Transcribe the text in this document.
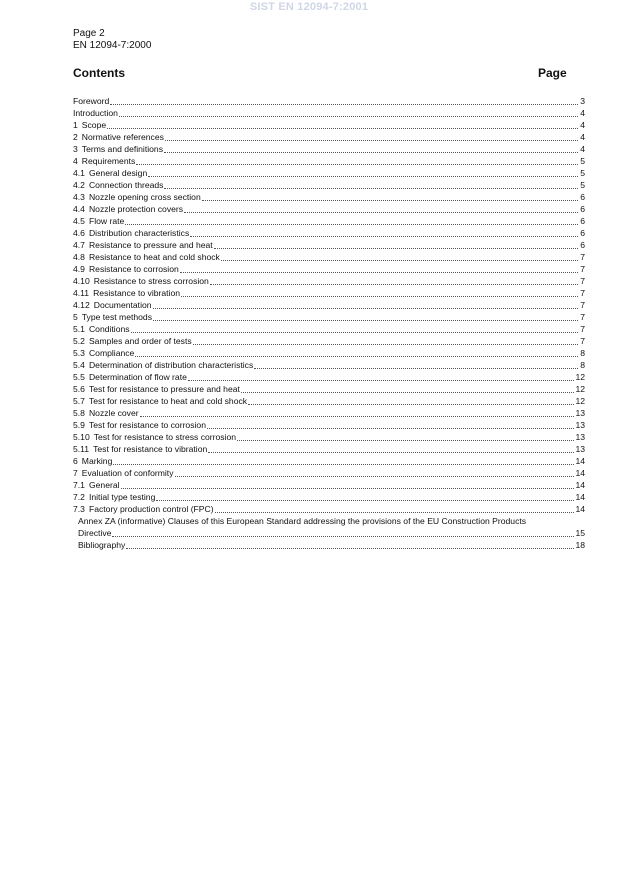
SIST EN 12094-7:2001
Page 2
EN 12094-7:2000
Contents	Page
Foreword	3
Introduction	4
1 Scope	4
2 Normative references	4
3 Terms and definitions	4
4 Requirements	5
4.1 General design	5
4.2 Connection threads	5
4.3 Nozzle opening cross section	6
4.4 Nozzle protection covers	6
4.5 Flow rate	6
4.6 Distribution characteristics	6
4.7 Resistance to pressure and heat	6
4.8 Resistance to heat and cold shock	7
4.9 Resistance to corrosion	7
4.10 Resistance to stress corrosion	7
4.11 Resistance to vibration	7
4.12 Documentation	7
5 Type test methods	7
5.1 Conditions	7
5.2 Samples and order of tests	7
5.3 Compliance	8
5.4 Determination of distribution characteristics	8
5.5 Determination of flow rate	12
5.6 Test for resistance to pressure and heat	12
5.7 Test for resistance to heat and cold shock	12
5.8 Nozzle cover	13
5.9 Test for resistance to corrosion	13
5.10 Test for resistance to stress corrosion	13
5.11 Test for resistance to vibration	13
6 Marking	14
7 Evaluation of conformity	14
7.1 General	14
7.2 Initial type testing	14
7.3 Factory production control (FPC)	14
Annex ZA (informative) Clauses of this European Standard addressing the provisions of the EU Construction Products
Directive	15
Bibliography	18
